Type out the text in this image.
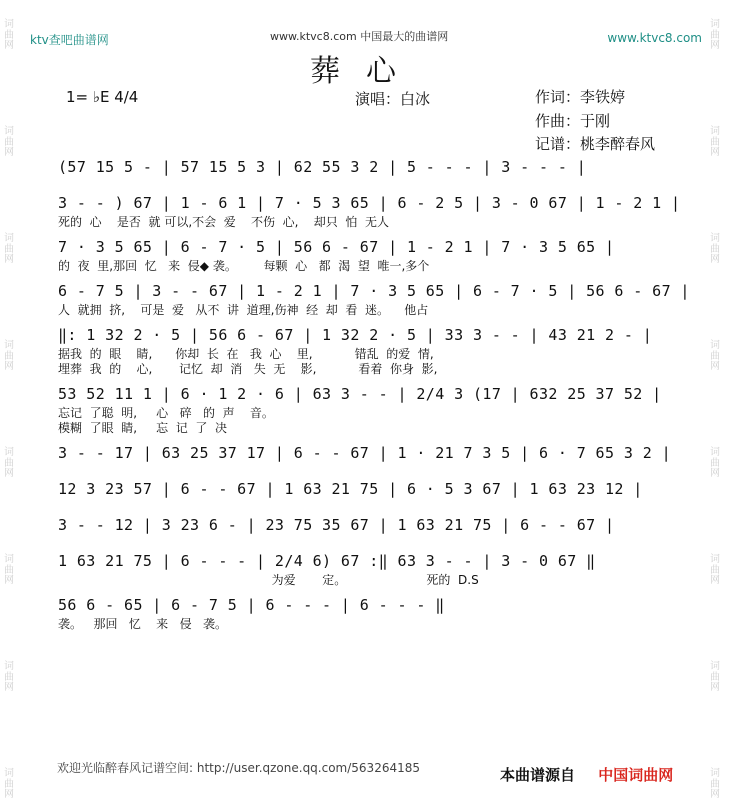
词 曲 网
词 曲 网
词 曲 网
词 曲 网
词 曲 网
词 曲 网
词 曲 网
词 曲 网
词 曲 网
词 曲 网
词 曲 网
词 曲 网
词 曲 网
词 曲 网
词 曲 网
词 曲 网
ktv查吧曲谱网	www.ktvc8.com 中国最大的曲谱网	www.ktvc8.com
葬心
1= ♭E 4/4	演唱：白冰	作词：李铁婷
作曲：于刚
记谱：桃李醉春风
(57 15 5 - | 57 15 5 3 | 62 55 3 2 | 5 - - - | 3 - - - |
3 - - ) 67 | 1 - 6 1 | 7 · 5 3 65 | 6 - 2 5 | 3 - 0 67 | 1 - 2 1 |
死的  心    是否  就 可以,不会  爱    不伤  心,    却只  怕  无人
7 · 3 5 65 | 6 - 7 · 5 | 56 6 - 67 | 1 - 2 1 | 7 · 3 5 65 |
的  夜  里,那回  忆   来  侵◆ 袭。       每颗  心   都  渴  望  唯一,多个
6 - 7 5 | 3 - - 67 | 1 - 2 1 | 7 · 3 5 65 | 6 - 7 · 5 | 56 6 - 67 |
人  就拥  挤,    可是  爱   从不  讲  道理,伤神  经  却  看  迷。    他占
‖: 1 32 2 · 5 | 56 6 - 67 | 1 32 2 · 5 | 33 3 - - | 43 21 2 - |
据我  的  眼    睛,      你却  长  在   我  心    里,           错乱  的爱  情,
埋葬  我  的    心,       记忆  却  消   失  无    影,           看着  你身  影,
53 52 11 1 | 6 · 1 2 · 6 | 63 3 - - | 2/4 3 (17 | 632 25 37 52 |
忘记  了聪  明,     心   碎   的  声    音。
模糊  了眼  睛,     忘  记  了  决
3 - - 17 | 63 25 37 17 | 6 - - 67 | 1 · 21 7 3 5 | 6 · 7 65 3 2 |
12 3 23 57 | 6 - - 67 | 1 63 21 75 | 6 · 5 3 67 | 1 63 23 12 |
3 - - 12 | 3 23 6 - | 23 75 35 67 | 1 63 21 75 | 6 - - 67 |
1 63 21 75 | 6 - - - | 2/4 6) 67 :‖ 63 3 - - | 3 - 0 67 ‖
为爱       定。                     死的  D.S
56 6 - 65 | 6 - 7 5 | 6 - - - | 6 - - - ‖
袭。   那回   忆    来   侵   袭。
欢迎光临醉春风记谱空间: http://user.qzone.qq.com/563264185	本曲谱源自 中国词曲网
